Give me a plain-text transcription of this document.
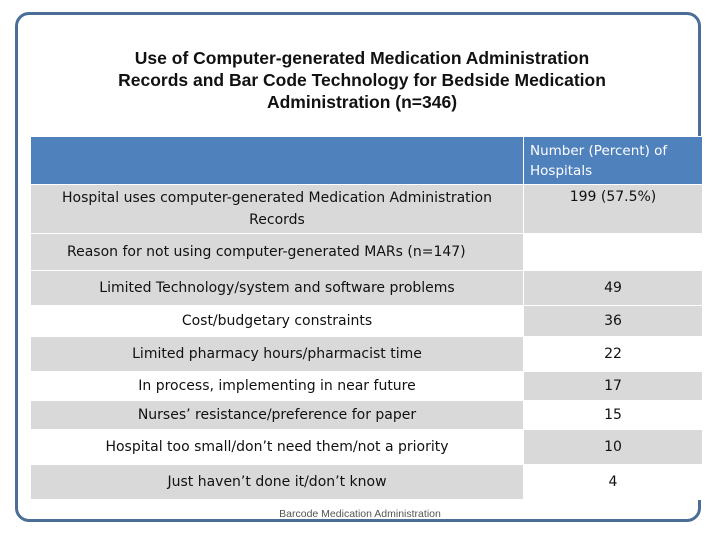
Use of Computer-generated Medication Administration
Records and Bar Code Technology for Bedside Medication
Administration (n=346)
	Number (Percent) of Hospitals
Hospital uses computer-generated Medication Administration Records	199 (57.5%)
Reason for not using computer-generated MARs (n=147)	
Limited Technology/system and software problems	49
Cost/budgetary constraints	36
Limited pharmacy hours/pharmacist time	22
In process, implementing in near future	17
Nurses’ resistance/preference for paper	15
Hospital too small/don’t need them/not a priority	10
Just haven’t done it/don’t know	4
Barcode Medication Administration
